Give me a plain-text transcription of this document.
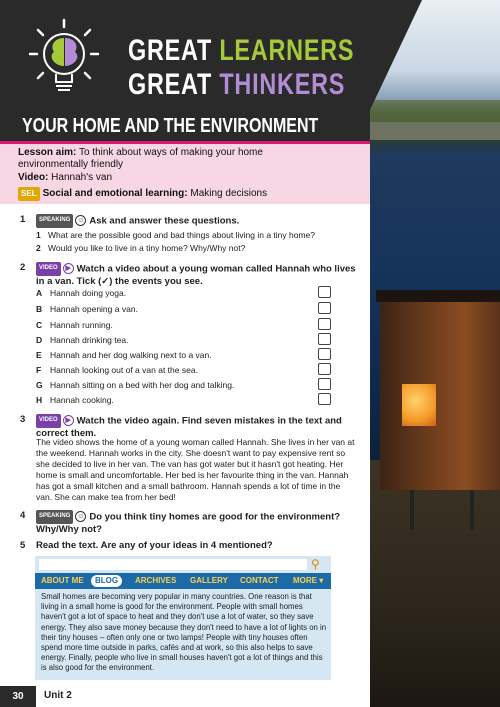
GREAT LEARNERS
GREAT THINKERS
YOUR HOME AND THE ENVIRONMENT

Lesson aim: To think about ways of making your home environmentally friendly

Video: Hannah's van

SEL Social and emotional learning: Making decisions

1	SPEAKING ☺ Ask and answer these questions.
1 What are the possible good and bad things about living in a tiny home?
2 Would you like to live in a tiny home? Why/Why not?
2	VIDEO ▶ Watch a video about a young woman called Hannah who lives in a van. Tick (✓) the events you see.
A Hannah doing yoga.
B Hannah opening a van.
C Hannah running.
D Hannah drinking tea.
E Hannah and her dog walking next to a van.
F Hannah looking out of a van at the sea.
G Hannah sitting on a bed with her dog and talking.
H Hannah cooking.
3	VIDEO ▶ Watch the video again. Find seven mistakes in the text and correct them.
The video shows the home of a young woman called Hannah. She lives in her van at the weekend. Hannah works in the city. She doesn't want to pay expensive rent so she decided to live in her van. The van has got water but it hasn't got heating. Her home is small and uncomfortable. Her bed is her favourite thing in the van. Hannah has got a small kitchen and a small bathroom. Hannah spends a lot of time in the van. She can make tea from her bed!
4	SPEAKING ☺ Do you think tiny homes are good for the environment? Why/Why not?
5 Read the text. Are any of your ideas in 4 mentioned?
⚲
ABOUT ME	BLOG	ARCHIVES GALLERY CONTACT MORE ▾
Small homes are becoming very popular in many countries. One reason is that living in a small home is good for the environment. People with small homes haven't got a lot of space to heat and they don't use a lot of water, so they save energy. They also save money because they don't need to have a lot of lights on in their tiny houses – often only one or two lamps! People with tiny houses often spend more time outside in parks, cafés and at work, so this also helps to save energy. Finally, people who live in small houses haven't got a lot of things and this is also good for the environment.
30	Unit 2
